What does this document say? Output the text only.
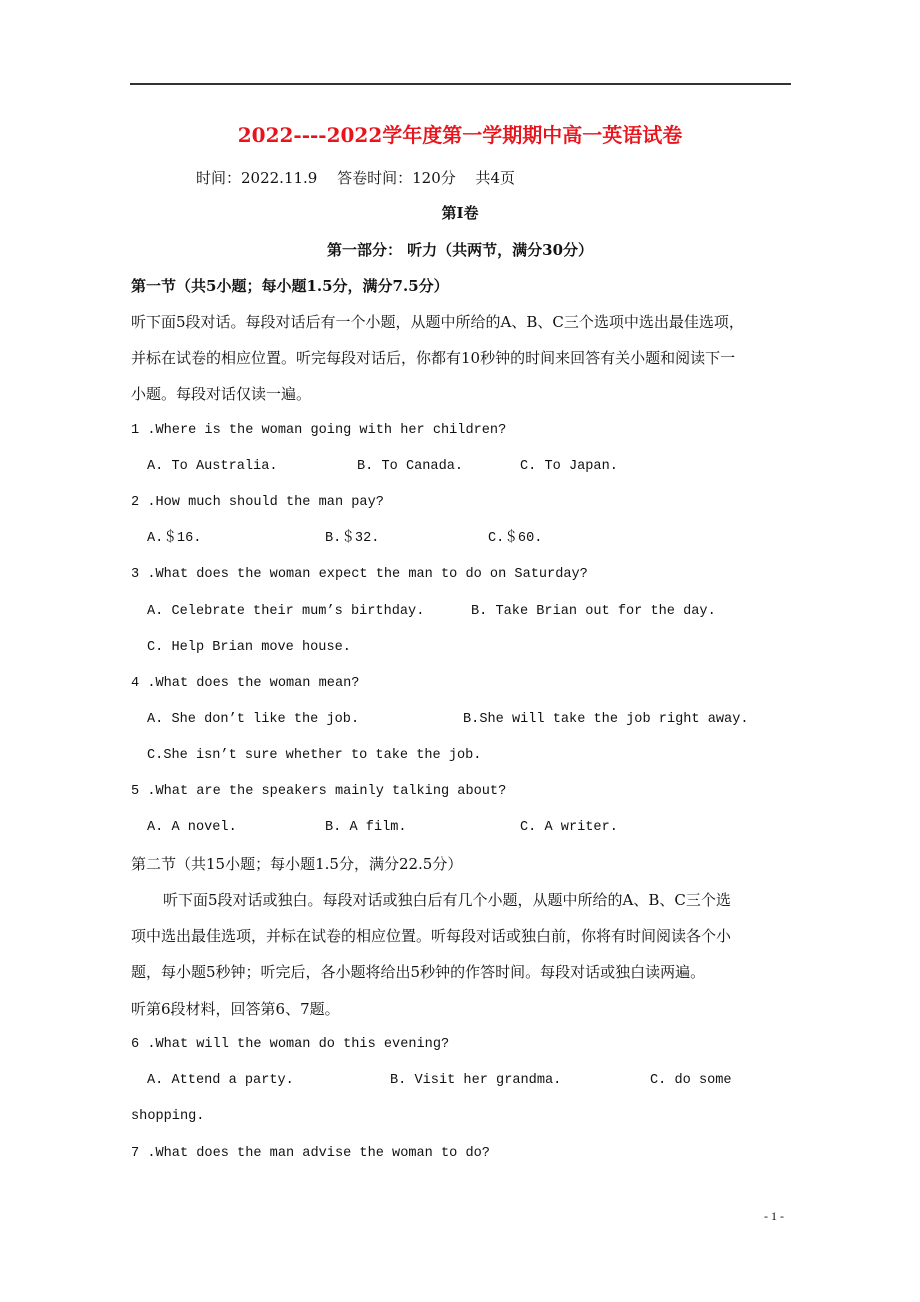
2022----2022学年度第一学期期中高一英语试卷
时间：2022.11.9　 答卷时间：120分　 共4页
第I卷
第一部分： 听力（共两节，满分30分）
第一节（共5小题；每小题1.5分，满分7.5分）
听下面5段对话。每段对话后有一个小题，从题中所给的A、B、C三个选项中选出最佳选项，
并标在试卷的相应位置。听完每段对话后，你都有10秒钟的时间来回答有关小题和阅读下一
小题。每段对话仅读一遍。
1 .Where is the woman going with her children?
A. To Australia.	B. To Canada.	C. To Japan.
2 .How much should the man pay?
A.＄16.	B.＄32.	C.＄60.
3 .What does the woman expect the man to do on Saturday?
A. Celebrate their mum’s birthday.	B. Take Brian out for the day.
C. Help Brian move house.
4 .What does the woman mean?
A. She don’t like the job.	B.She will take the job right away.
C.She isn’t sure whether to take the job.
5 .What are the speakers mainly talking about?
A. A novel.	B. A film.	C. A writer.
第二节（共15小题；每小题1.5分，满分22.5分）
听下面5段对话或独白。每段对话或独白后有几个小题，从题中所给的A、B、C三个选
项中选出最佳选项，并标在试卷的相应位置。听每段对话或独白前，你将有时间阅读各个小
题，每小题5秒钟；听完后，各小题将给出5秒钟的作答时间。每段对话或独白读两遍。
听第6段材料，回答第6、7题。
6 .What will the woman do this evening?
A. Attend a party.	B. Visit her grandma.	C. do some
shopping.
7 .What does the man advise the woman to do?
- 1 -
